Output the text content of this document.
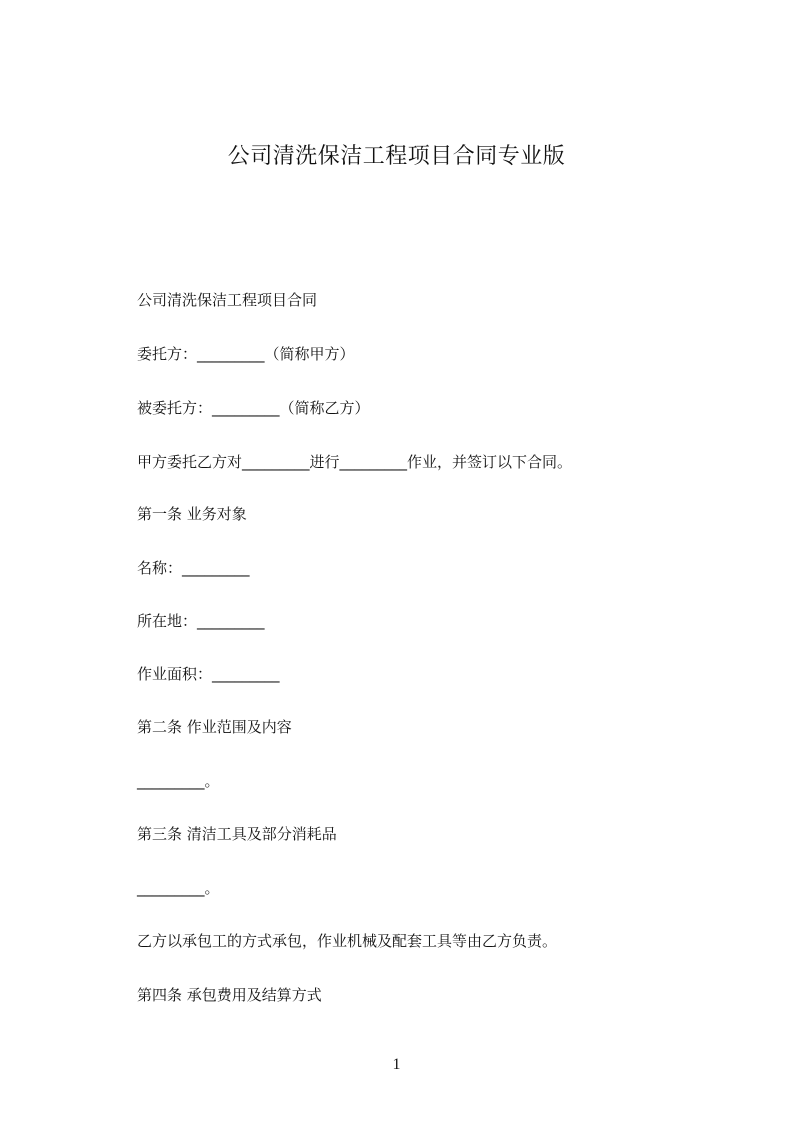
公司清洗保洁工程项目合同专业版
公司清洗保洁工程项目合同
委托方：_________（简称甲方）
被委托方：_________（简称乙方）
甲方委托乙方对_________进行_________作业，并签订以下合同。
第一条 业务对象
名称：_________
所在地：_________
作业面积：_________
第二条 作业范围及内容
_________。
第三条 清洁工具及部分消耗品
_________。
乙方以承包工的方式承包，作业机械及配套工具等由乙方负责。
第四条 承包费用及结算方式
1
